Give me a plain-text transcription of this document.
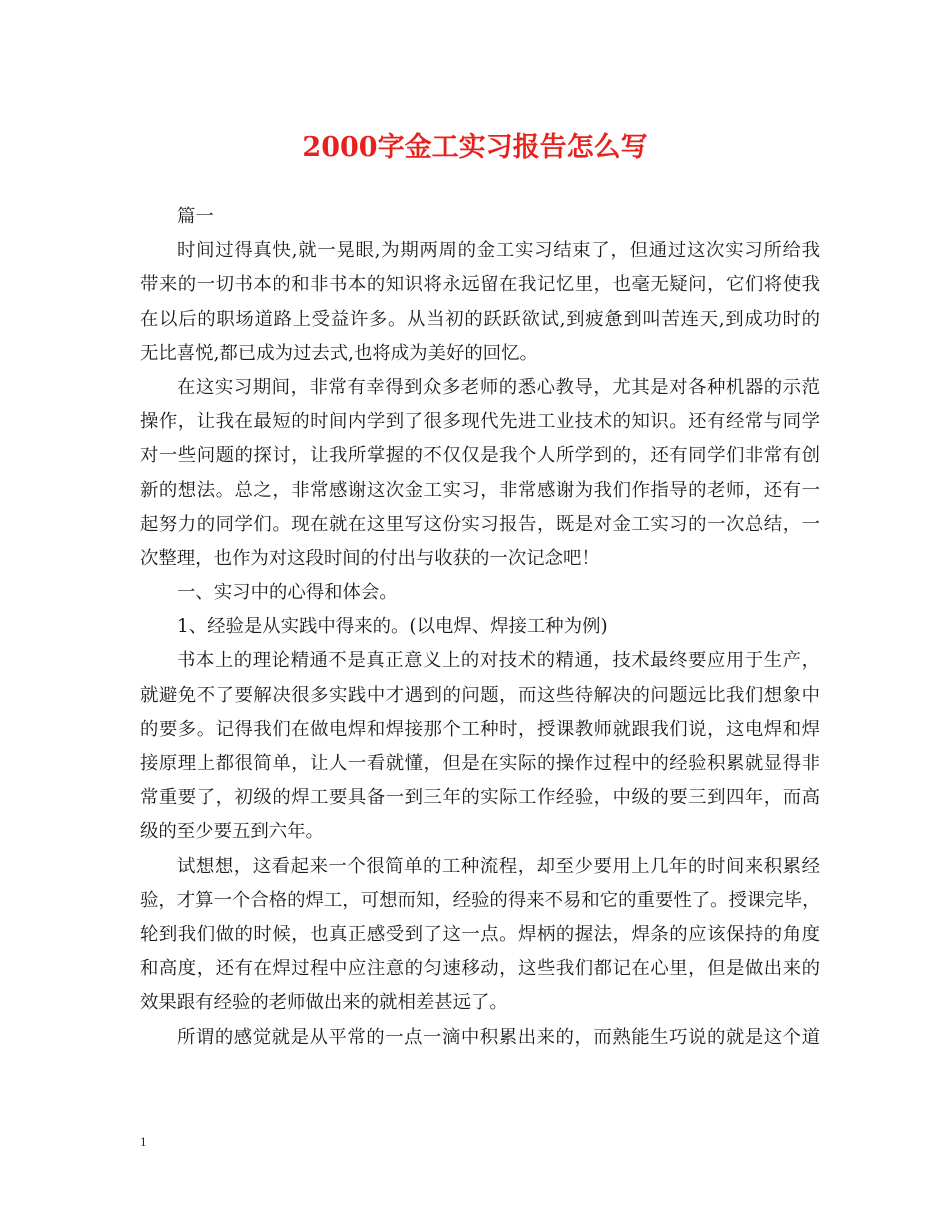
2000字金工实习报告怎么写
篇一
时间过得真快,就一晃眼,为期两周的金工实习结束了，但通过这次实习所给我
带来的一切书本的和非书本的知识将永远留在我记忆里，也毫无疑问，它们将使我
在以后的职场道路上受益许多。从当初的跃跃欲试,到疲惫到叫苦连天,到成功时的
无比喜悦,都已成为过去式,也将成为美好的回忆。
在这实习期间，非常有幸得到众多老师的悉心教导，尤其是对各种机器的示范
操作，让我在最短的时间内学到了很多现代先进工业技术的知识。还有经常与同学
对一些问题的探讨，让我所掌握的不仅仅是我个人所学到的，还有同学们非常有创
新的想法。总之，非常感谢这次金工实习，非常感谢为我们作指导的老师，还有一
起努力的同学们。现在就在这里写这份实习报告，既是对金工实习的一次总结，一
次整理，也作为对这段时间的付出与收获的一次记念吧！
一、实习中的心得和体会。
1、经验是从实践中得来的。(以电焊、焊接工种为例)
书本上的理论精通不是真正意义上的对技术的精通，技术最终要应用于生产，
就避免不了要解决很多实践中才遇到的问题，而这些待解决的问题远比我们想象中
的要多。记得我们在做电焊和焊接那个工种时，授课教师就跟我们说，这电焊和焊
接原理上都很简单，让人一看就懂，但是在实际的操作过程中的经验积累就显得非
常重要了，初级的焊工要具备一到三年的实际工作经验，中级的要三到四年，而高
级的至少要五到六年。
试想想，这看起来一个很简单的工种流程，却至少要用上几年的时间来积累经
验，才算一个合格的焊工，可想而知，经验的得来不易和它的重要性了。授课完毕，
轮到我们做的时候，也真正感受到了这一点。焊柄的握法，焊条的应该保持的角度
和高度，还有在焊过程中应注意的匀速移动，这些我们都记在心里，但是做出来的
效果跟有经验的老师做出来的就相差甚远了。
所谓的感觉就是从平常的一点一滴中积累出来的，而熟能生巧说的就是这个道
1
